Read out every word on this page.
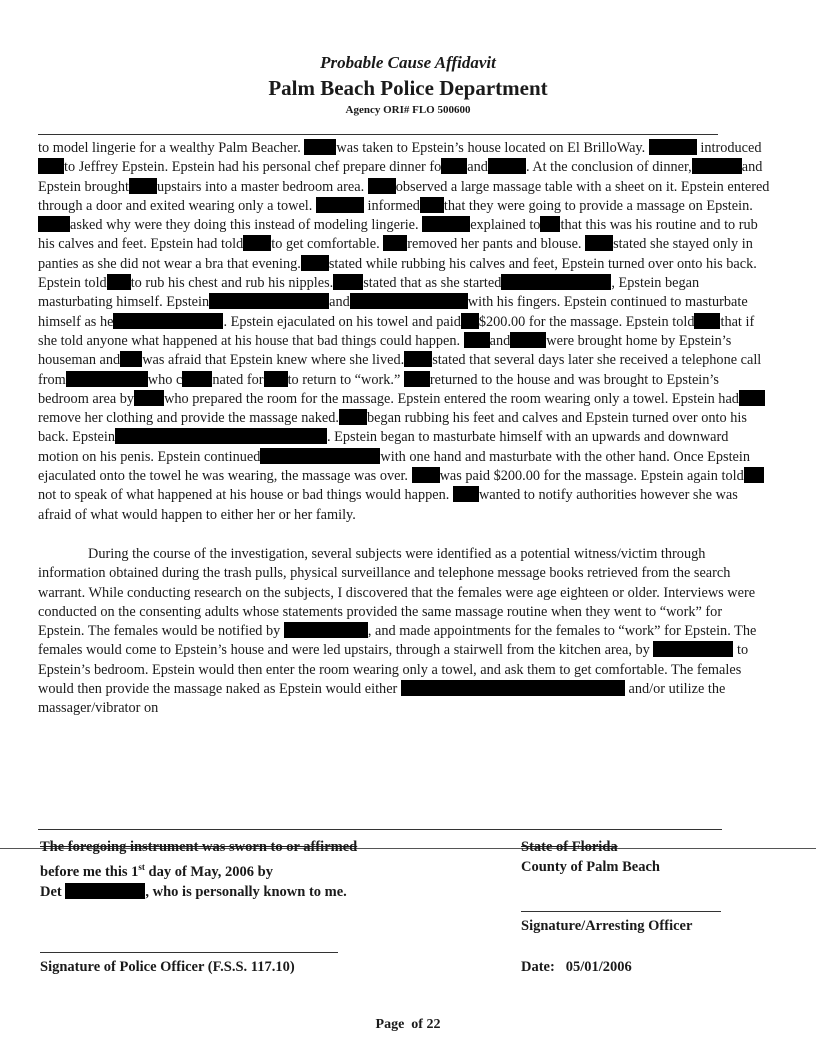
Probable Cause Affidavit
Palm Beach Police Department
Agency ORI# FLO 500600

to model lingerie for a wealthy Palm Beacher. was taken to Epstein’s house located on El BrilloWay.	introducedto Jeffrey Epstein. Epstein had his personal chef prepare dinner fo and	. At the conclusion of dinner,	and Epstein brought upstairs into a master bedroom area. observed a large massage table with a sheet on it. Epstein entered through a door and exited wearing only a towel.	informed that they were going to provide a massage on Epstein.asked why were they doing this instead of modeling lingerie.	explained to that this was his routine and to rub his calves and feet. Epstein had told to get comfortable. removed her pants and blouse. stated she stayed only in panties as she did not wear a bra that evening. stated while rubbing his calves and feet, Epstein turned over onto his back. Epstein told to rub his chest and rub his nipples. stated that as she started	, Epstein began masturbating himself. Epstein	and	with his fingers. Epstein continued to masturbate himself as he	. Epstein ejaculated on his towel and paid $200.00 for the massage. Epstein told that if she told anyone what happened at his house that bad things could happen. and	were brought home by Epstein’s houseman and was afraid that Epstein knew where she lived. stated that several days later she received a telephone call from	who c nated for to return to “work.” returned to the house and was brought to Epstein’s bedroom area by who prepared the room for the massage. Epstein entered the room wearing only a towel. Epstein hadremove her clothing and provide the massage naked. began rubbing his feet and calves and Epstein turned over onto his back. Epstein	. Epstein began to masturbate himself with an upwards and downward motion on his penis. Epstein continued	with one hand and masturbate with the other hand. Once Epstein ejaculated onto the towel he was wearing, the massage was over. was paid $200.00 for the massage. Epstein again toldnot to speak of what happened at his house or bad things would happen. wanted to notify authorities however she was afraid of what would happen to either her or her family.

During the course of the investigation, several subjects were identified as a potential witness/victim through information obtained during the trash pulls, physical surveillance and telephone message books retrieved from the search warrant. While conducting research on the subjects, I discovered that the females were age eighteen or older. Interviews were conducted on the consenting adults whose statements provided the same massage routine when they went to “work” for Epstein. The females would be notified by	, and made appointments for the females to “work” for Epstein. The females would come to Epstein’s house and were led upstairs, through a stairwell from the kitchen area, by	to Epstein’s bedroom. Epstein would then enter the room wearing only a towel, and ask them to get comfortable. The females would then provide the massage naked as Epstein would either	and/or utilize the massager/vibrator on

The foregoing instrument was sworn to or affirmed
before me this 1st day of May, 2006 by
Det	, who is personally known to me.
State of Florida
County of Palm Beach
Signature/Arresting Officer
Signature of Police Officer (F.S.S. 117.10)	Date: 05/01/2006
Page of 22
